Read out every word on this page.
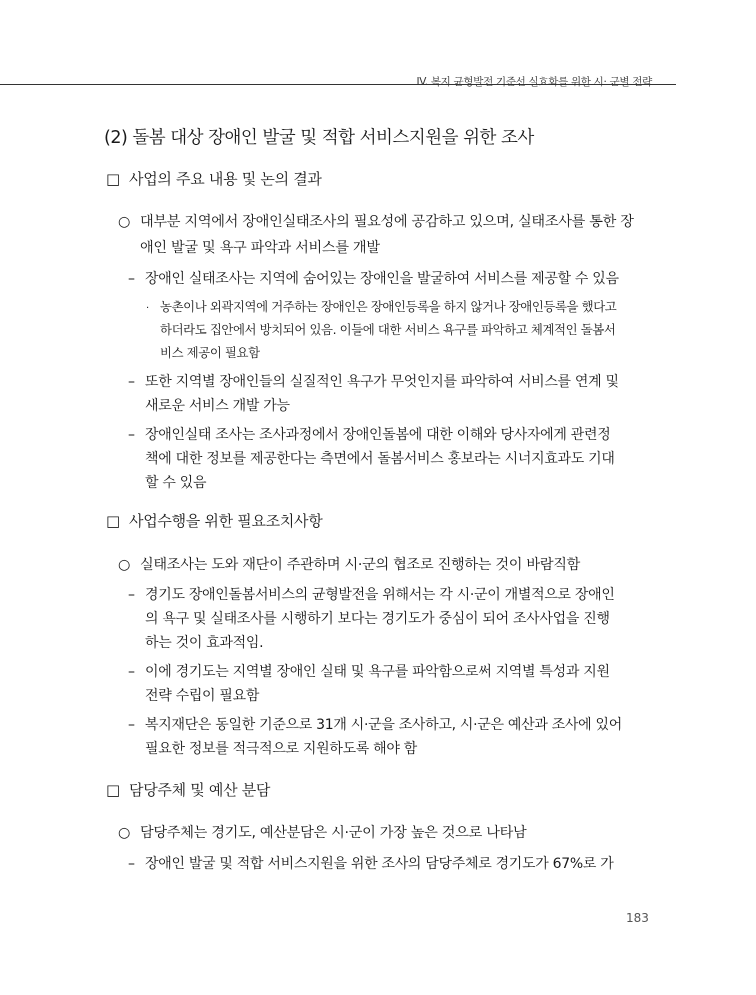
IV. 복지 균형발전 기준선 실효화를 위한 시· 군별 전략
(2) 돌봄 대상 장애인 발굴 및 적합 서비스지원을 위한 조사
□ 사업의 주요 내용 및 논의 결과
○ 대부분 지역에서 장애인실태조사의 필요성에 공감하고 있으며, 실태조사를 통한 장
애인 발굴 및 욕구 파악과 서비스를 개발
– 장애인 실태조사는 지역에 숨어있는 장애인을 발굴하여 서비스를 제공할 수 있음
· 농촌이나 외곽지역에 거주하는 장애인은 장애인등록을 하지 않거나 장애인등록을 했다고
하더라도 집안에서 방치되어 있음. 이들에 대한 서비스 욕구를 파악하고 체계적인 돌봄서
비스 제공이 필요함
– 또한 지역별 장애인들의 실질적인 욕구가 무엇인지를 파악하여 서비스를 연계 및
새로운 서비스 개발 가능
– 장애인실태 조사는 조사과정에서 장애인돌봄에 대한 이해와 당사자에게 관련정
책에 대한 정보를 제공한다는 측면에서 돌봄서비스 홍보라는 시너지효과도 기대
할 수 있음
□ 사업수행을 위한 필요조치사항
○ 실태조사는 도와 재단이 주관하며 시·군의 협조로 진행하는 것이 바람직함
– 경기도 장애인돌봄서비스의 균형발전을 위해서는 각 시·군이 개별적으로 장애인
의 욕구 및 실태조사를 시행하기 보다는 경기도가 중심이 되어 조사사업을 진행
하는 것이 효과적임.
– 이에 경기도는 지역별 장애인 실태 및 욕구를 파악함으로써 지역별 특성과 지원
전략 수립이 필요함
– 복지재단은 동일한 기준으로 31개 시·군을 조사하고, 시·군은 예산과 조사에 있어
필요한 정보를 적극적으로 지원하도록 해야 함
□ 담당주체 및 예산 분담
○ 담당주체는 경기도, 예산분담은 시·군이 가장 높은 것으로 나타남
– 장애인 발굴 및 적합 서비스지원을 위한 조사의 담당주체로 경기도가 67%로 가
183
